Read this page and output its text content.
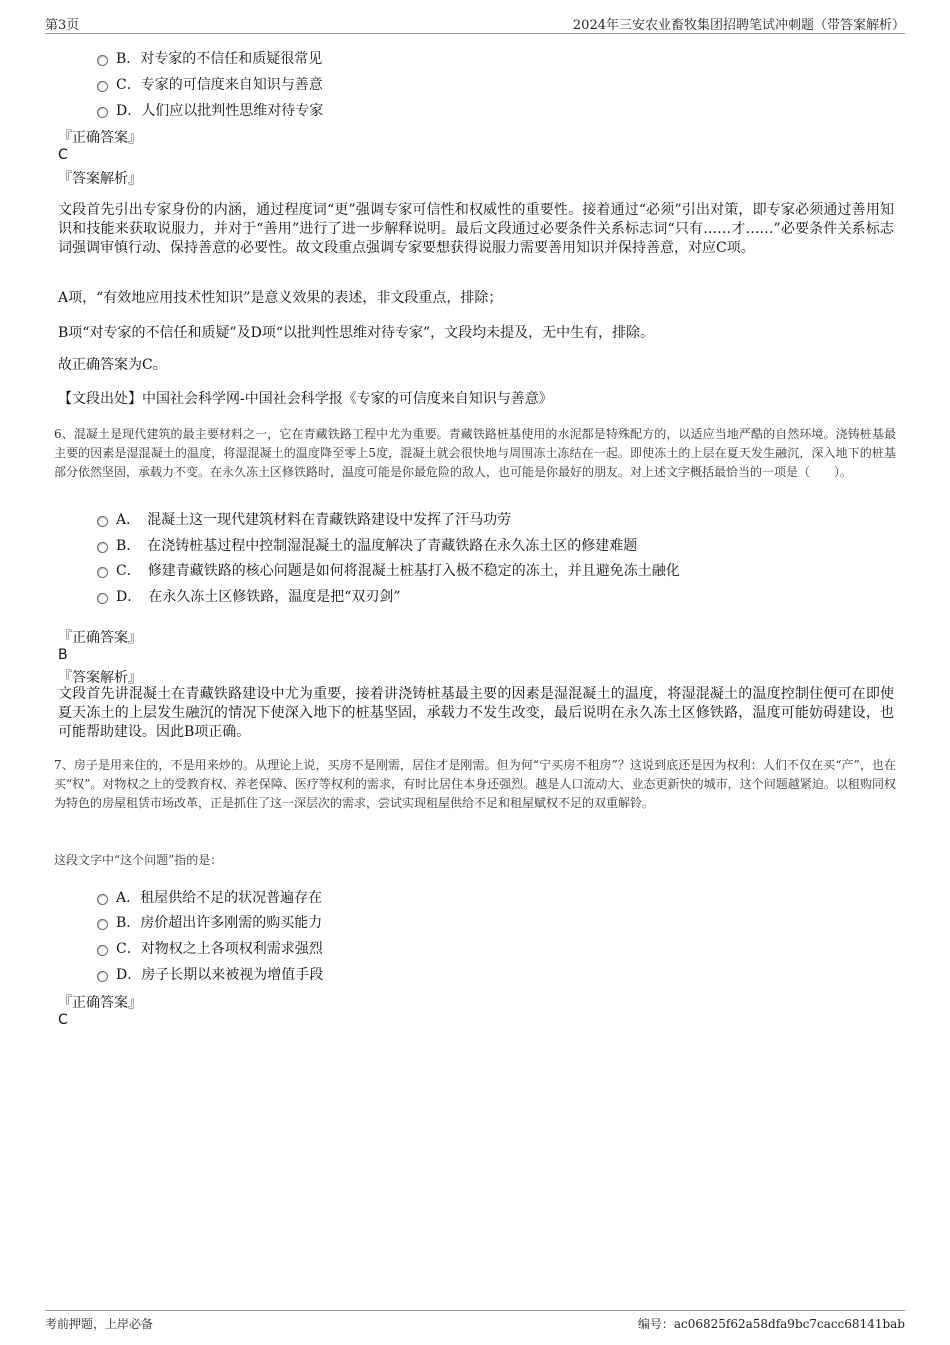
第3页	2024年三安农业畜牧集团招聘笔试冲刺题（带答案解析）
B．对专家的不信任和质疑很常见
C．专家的可信度来自知识与善意
D．人们应以批判性思维对待专家
『正确答案』
C
『答案解析』
文段首先引出专家身份的内涵，通过程度词“更”强调专家可信性和权威性的重要性。接着通过“必须”引出对策，即专家必须通过善用知识和技能来获取说服力，并对于“善用”进行了进一步解释说明。最后文段通过必要条件关系标志词“只有……才……”必要条件关系标志词强调审慎行动、保持善意的必要性。故文段重点强调专家要想获得说服力需要善用知识并保持善意，对应C项。
A项，“有效地应用技术性知识”是意义效果的表述，非文段重点，排除；
B项“对专家的不信任和质疑”及D项“以批判性思维对待专家”，文段均未提及，无中生有，排除。
故正确答案为C。
【文段出处】中国社会科学网-中国社会科学报《专家的可信度来自知识与善意》
6、混凝土是现代建筑的最主要材料之一，它在青藏铁路工程中尤为重要。青藏铁路桩基使用的水泥都是特殊配方的，以适应当地严酷的自然环境。浇铸桩基最主要的因素是湿混凝土的温度，将湿混凝土的温度降至零上5度，混凝土就会很快地与周围冻土冻结在一起。即使冻土的上层在夏天发生融沉，深入地下的桩基部分依然坚固，承载力不变。在永久冻土区修铁路时，温度可能是你最危险的敌人，也可能是你最好的朋友。对上述文字概括最恰当的一项是（　　）。
A．　混凝土这一现代建筑材料在青藏铁路建设中发挥了汗马功劳
B．　在浇铸桩基过程中控制湿混凝土的温度解决了青藏铁路在永久冻土区的修建难题
C．　修建青藏铁路的核心问题是如何将混凝土桩基打入极不稳定的冻土，并且避免冻土融化
D．　在永久冻土区修铁路，温度是把“双刃剑”
『正确答案』
B
『答案解析』
文段首先讲混凝土在青藏铁路建设中尤为重要，接着讲浇铸桩基最主要的因素是湿混凝土的温度，将湿混凝土的温度控制住便可在即使夏天冻土的上层发生融沉的情况下使深入地下的桩基坚固，承载力不发生改变，最后说明在永久冻土区修铁路，温度可能妨碍建设，也可能帮助建设。因此B项正确。
7、房子是用来住的，不是用来炒的。从理论上说，买房不是刚需，居住才是刚需。但为何“宁买房不租房”？这说到底还是因为权利：人们不仅在买“产”，也在买“权”。对物权之上的受教育权、养老保障、医疗等权利的需求，有时比居住本身还强烈。越是人口流动大、业态更新快的城市，这个问题越紧迫。以租购同权为特色的房屋租赁市场改革，正是抓住了这一深层次的需求，尝试实现租屋供给不足和租屋赋权不足的双重解铃。
这段文字中“这个问题”指的是：
A．租屋供给不足的状况普遍存在
B．房价超出许多刚需的购买能力
C．对物权之上各项权利需求强烈
D．房子长期以来被视为增值手段
『正确答案』
C
考前押题，上岸必备	编号：ac06825f62a58dfa9bc7cacc68141bab
